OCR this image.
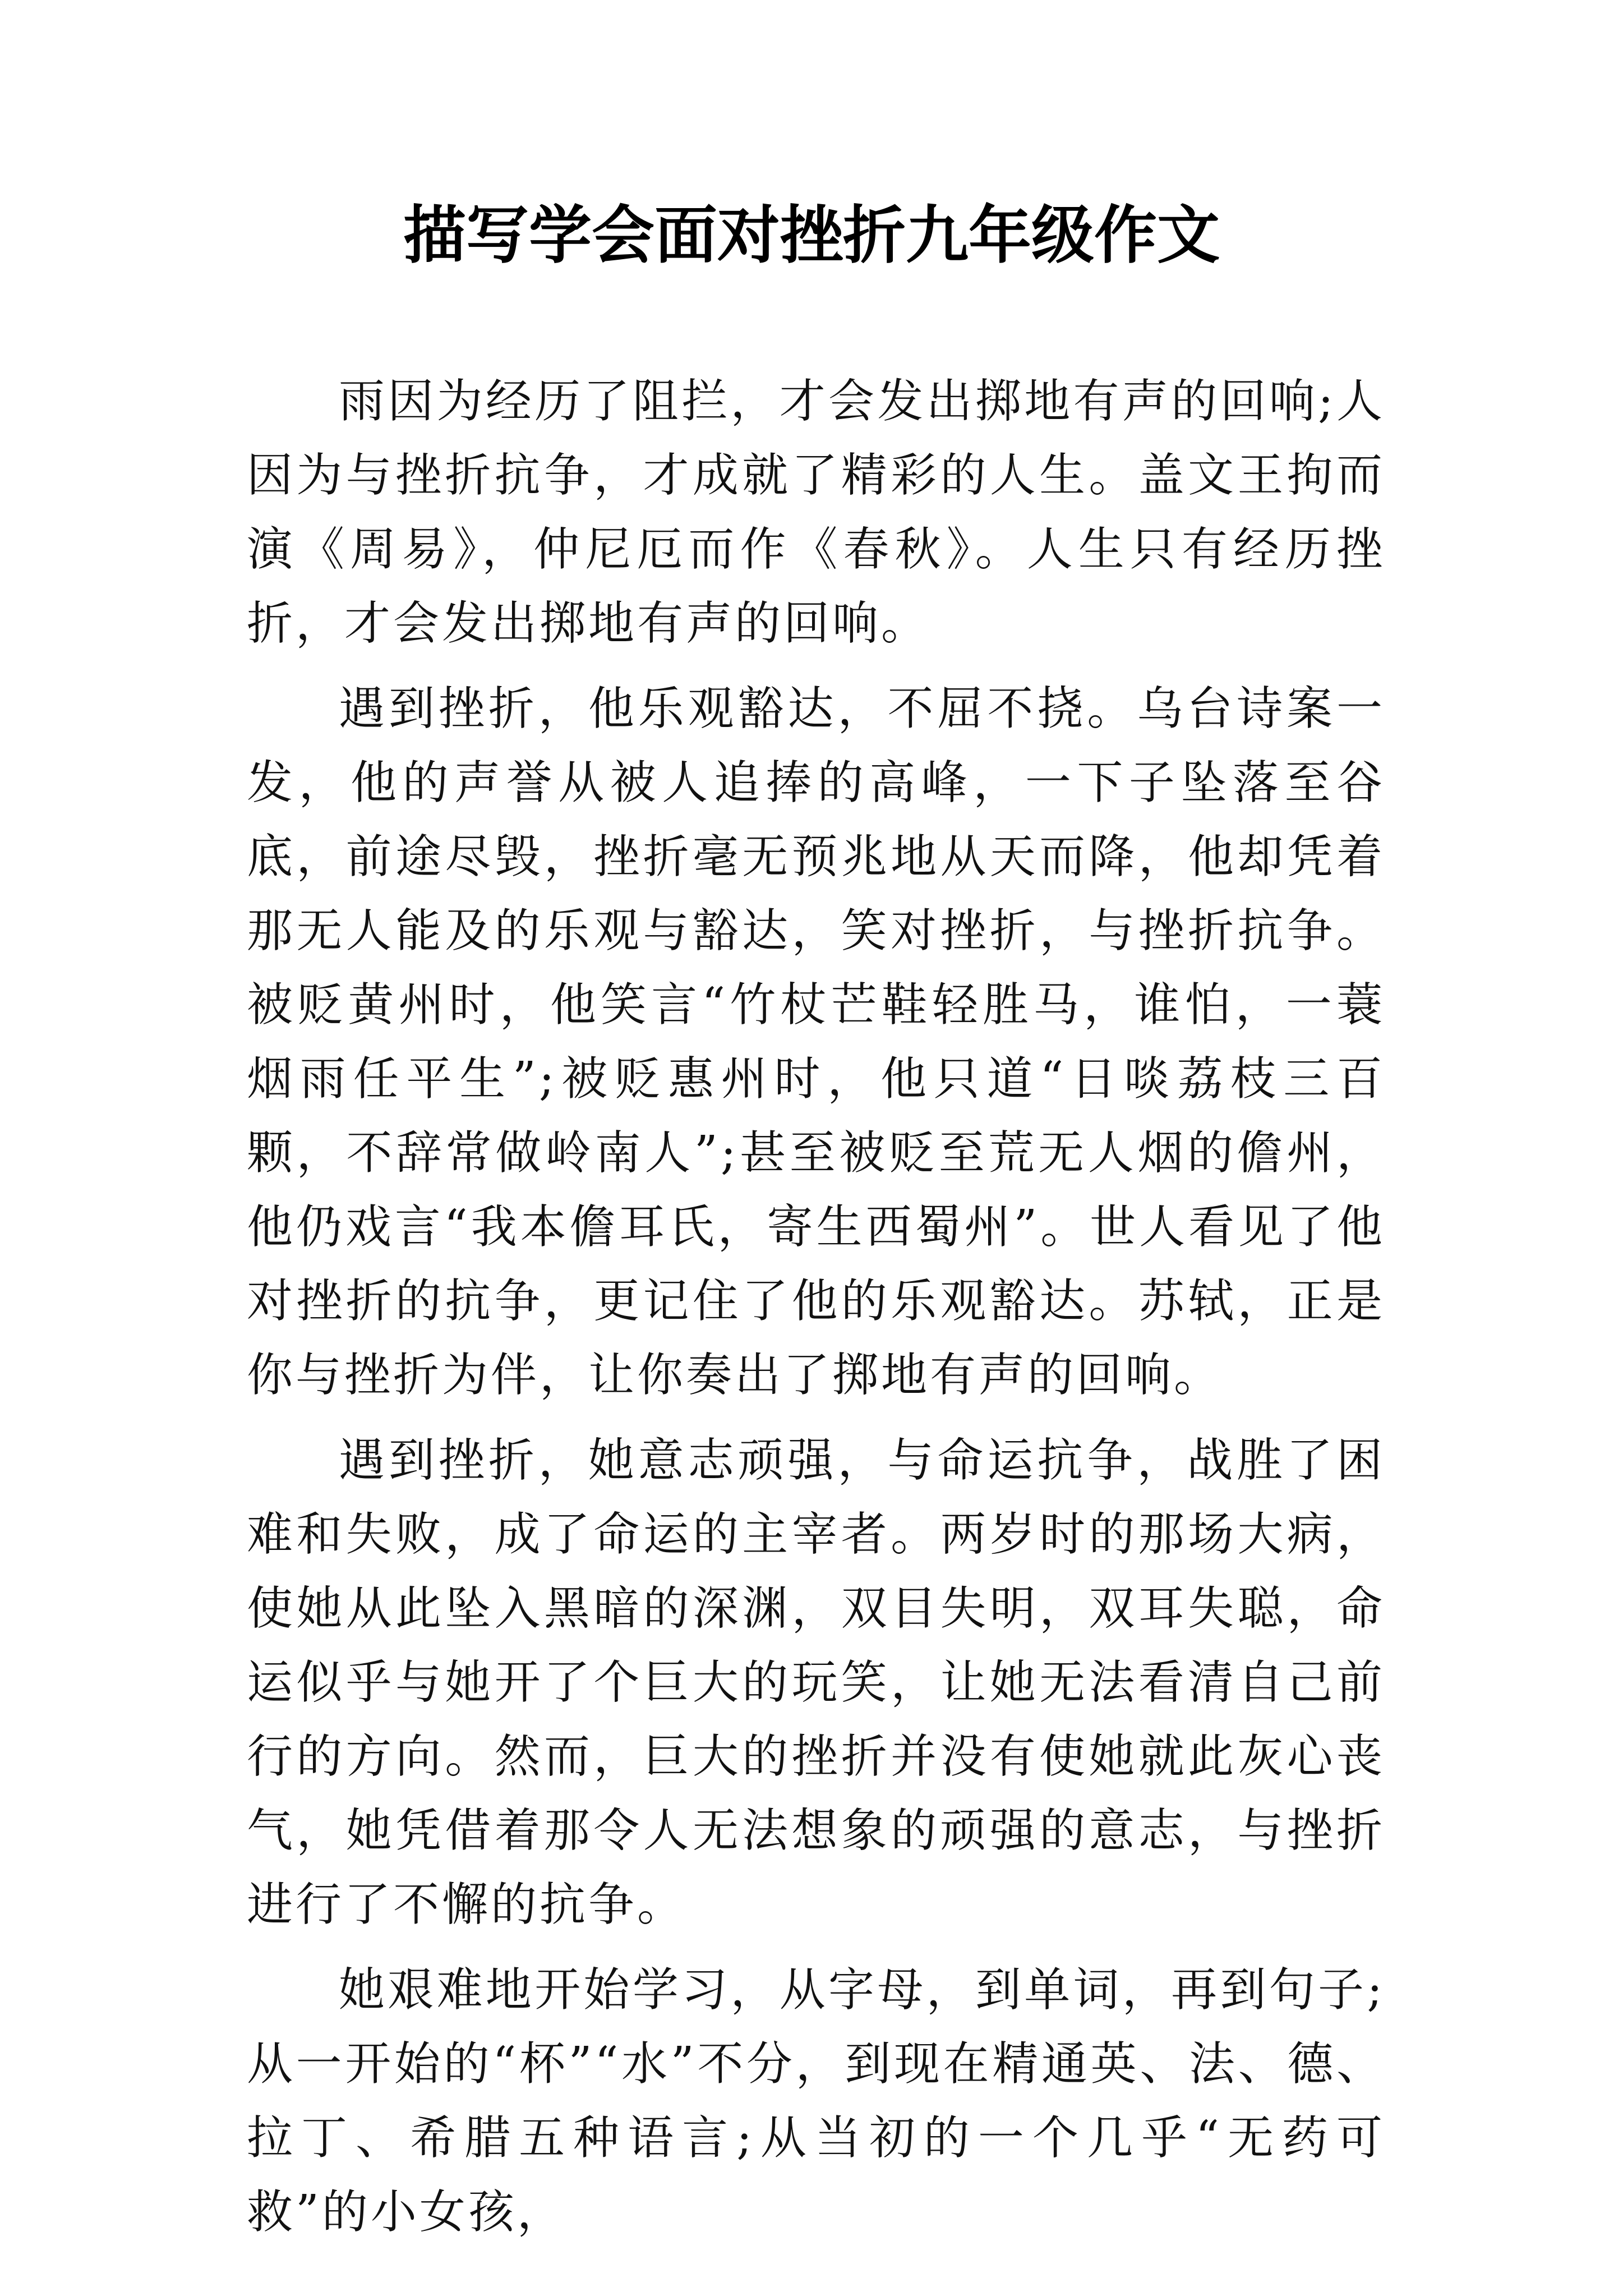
描写学会面对挫折九年级作文

雨因为经历了阻拦，才会发出掷地有声的回响;人因为与挫折抗争，才成就了精彩的人生。盖文王拘而演《周易》，仲尼厄而作《春秋》。人生只有经历挫折，才会发出掷地有声的回响。

遇到挫折，他乐观豁达，不屈不挠。乌台诗案一发，他的声誉从被人追捧的高峰，一下子坠落至谷底，前途尽毁，挫折毫无预兆地从天而降，他却凭着那无人能及的乐观与豁达，笑对挫折，与挫折抗争。被贬黄州时，他笑言“竹杖芒鞋轻胜马，谁怕，一蓑烟雨任平生”;被贬惠州时，他只道“日啖荔枝三百颗，不辞常做岭南人”;甚至被贬至荒无人烟的儋州，他仍戏言“我本儋耳氏，寄生西蜀州”。世人看见了他对挫折的抗争，更记住了他的乐观豁达。苏轼，正是你与挫折为伴，让你奏出了掷地有声的回响。

遇到挫折，她意志顽强，与命运抗争，战胜了困难和失败，成了命运的主宰者。两岁时的那场大病，使她从此坠入黑暗的深渊，双目失明，双耳失聪，命运似乎与她开了个巨大的玩笑，让她无法看清自己前行的方向。然而，巨大的挫折并没有使她就此灰心丧气，她凭借着那令人无法想象的顽强的意志，与挫折进行了不懈的抗争。

她艰难地开始学习，从字母，到单词，再到句子;从一开始的“杯”“水”不分，到现在精通英、法、德、拉丁、希腊五种语言;从当初的一个几乎“无药可救”的小女孩，
